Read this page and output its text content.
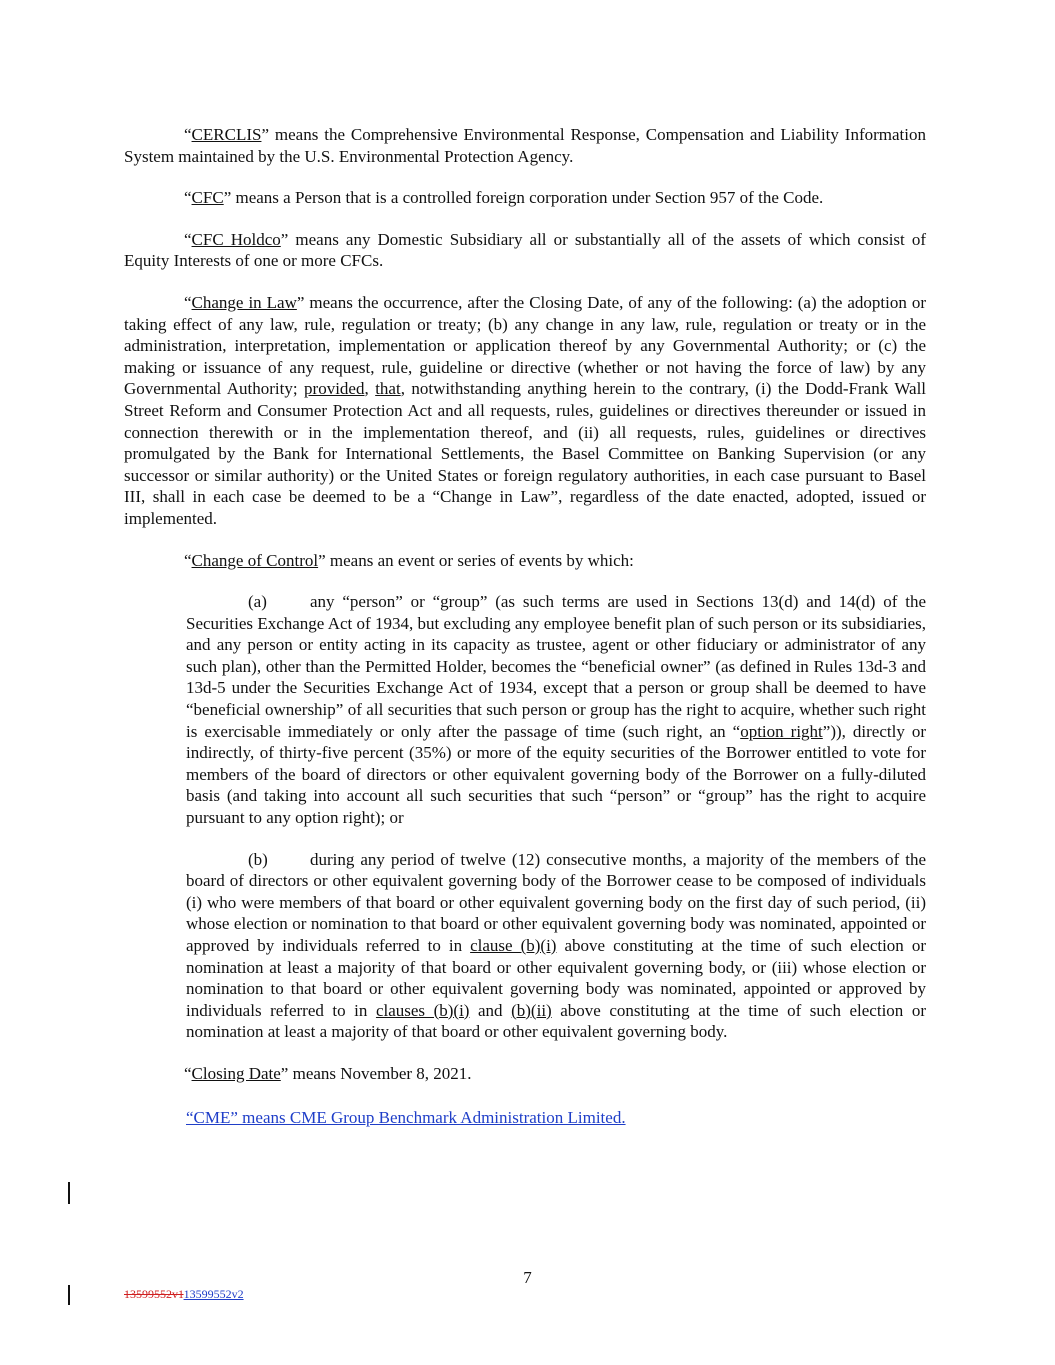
“CERCLIS” means the Comprehensive Environmental Response, Compensation and Liability Information System maintained by the U.S. Environmental Protection Agency.

“CFC” means a Person that is a controlled foreign corporation under Section 957 of the Code.

“CFC Holdco” means any Domestic Subsidiary all or substantially all of the assets of which consist of Equity Interests of one or more CFCs.

“Change in Law” means the occurrence, after the Closing Date, of any of the following: (a) the adoption or taking effect of any law, rule, regulation or treaty; (b) any change in any law, rule, regulation or treaty or in the administration, interpretation, implementation or application thereof by any Governmental Authority; or (c) the making or issuance of any request, rule, guideline or directive (whether or not having the force of law) by any Governmental Authority; provided, that, notwithstanding anything herein to the contrary, (i) the Dodd-Frank Wall Street Reform and Consumer Protection Act and all requests, rules, guidelines or directives thereunder or issued in connection therewith or in the implementation thereof, and (ii) all requests, rules, guidelines or directives promulgated by the Bank for International Settlements, the Basel Committee on Banking Supervision (or any successor or similar authority) or the United States or foreign regulatory authorities, in each case pursuant to Basel III, shall in each case be deemed to be a “Change in Law”, regardless of the date enacted, adopted, issued or implemented.

“Change of Control” means an event or series of events by which:

(a)	any “person” or “group” (as such terms are used in Sections 13(d) and 14(d) of the Securities Exchange Act of 1934, but excluding any employee benefit plan of such person or its subsidiaries, and any person or entity acting in its capacity as trustee, agent or other fiduciary or administrator of any such plan), other than the Permitted Holder, becomes the “beneficial owner” (as defined in Rules 13d-3 and 13d-5 under the Securities Exchange Act of 1934, except that a person or group shall be deemed to have “beneficial ownership” of all securities that such person or group has the right to acquire, whether such right is exercisable immediately or only after the passage of time (such right, an “option right”)), directly or indirectly, of thirty-five percent (35%) or more of the equity securities of the Borrower entitled to vote for members of the board of directors or other equivalent governing body of the Borrower on a fully-diluted basis (and taking into account all such securities that such “person” or “group” has the right to acquire pursuant to any option right); or

(b) during any period of twelve (12) consecutive months, a majority of the members of the board of directors or other equivalent governing body of the Borrower cease to be composed of individuals (i) who were members of that board or other equivalent governing body on the first day of such period, (ii) whose election or nomination to that board or other equivalent governing body was nominated, appointed or approved by individuals referred to in clause (b)(i) above constituting at the time of such election or nomination at least a majority of that board or other equivalent governing body, or (iii) whose election or nomination to that board or other equivalent governing body was nominated, appointed or approved by individuals referred to in clauses (b)(i) and (b)(ii) above constituting at the time of such election or nomination at least a majority of that board or other equivalent governing body.

“Closing Date” means November 8, 2021.

“CME” means CME Group Benchmark Administration Limited.

7
13599552v113599552v2
